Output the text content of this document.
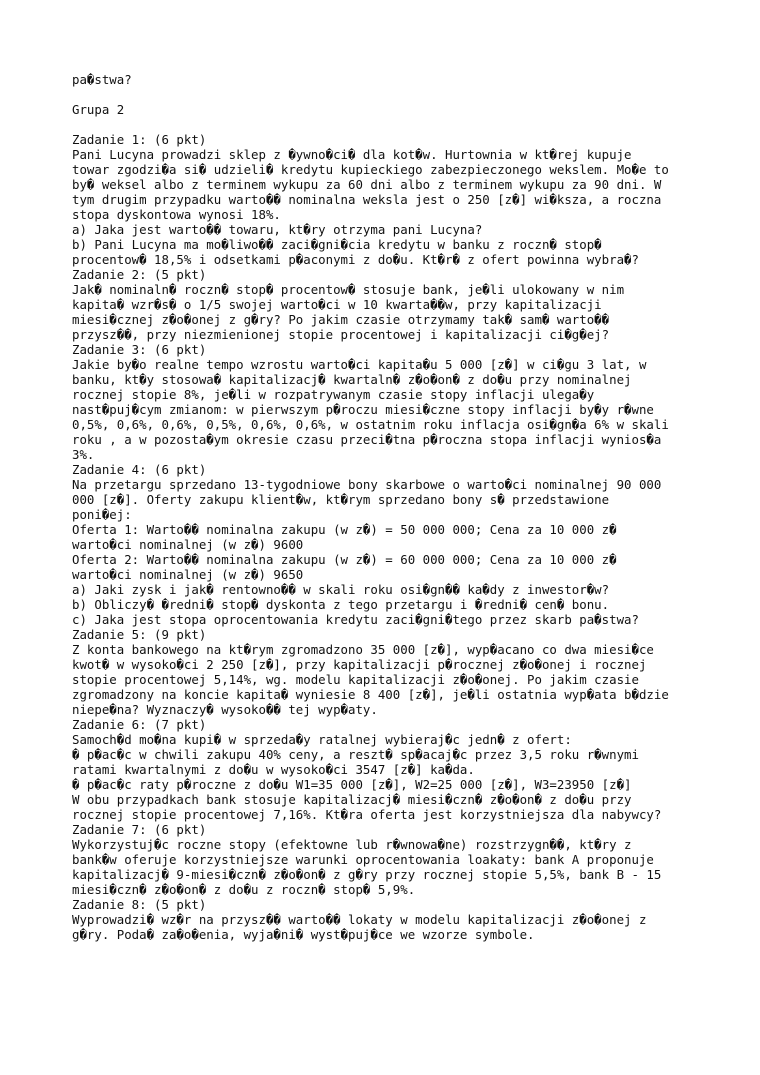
pa�stwa?
Grupa 2
Zadanie 1: (6 pkt)
Pani Lucyna prowadzi sklep z �ywno�ci� dla kot�w. Hurtownia w kt�rej kupuje
towar zgodzi�a si� udzieli� kredytu kupieckiego zabezpieczonego wekslem. Mo�e to
by� weksel albo z terminem wykupu za 60 dni albo z terminem wykupu za 90 dni. W
tym drugim przypadku warto�� nominalna weksla jest o 250 [z�] wi�ksza, a roczna
stopa dyskontowa wynosi 18%.
a) Jaka jest warto�� towaru, kt�ry otrzyma pani Lucyna?
b) Pani Lucyna ma mo�liwo�� zaci�gni�cia kredytu w banku z roczn� stop�
procentow� 18,5% i odsetkami p�aconymi z do�u. Kt�r� z ofert powinna wybra�?
Zadanie 2: (5 pkt)
Jak� nominaln� roczn� stop� procentow� stosuje bank, je�li ulokowany w nim
kapita� wzr�s� o 1/5 swojej warto�ci w 10 kwarta��w, przy kapitalizacji
miesi�cznej z�o�onej z g�ry? Po jakim czasie otrzymamy tak� sam� warto��
przysz��, przy niezmienionej stopie procentowej i kapitalizacji ci�g�ej?
Zadanie 3: (6 pkt)
Jakie by�o realne tempo wzrostu warto�ci kapita�u 5 000 [z�] w ci�gu 3 lat, w
banku, kt�y stosowa� kapitalizacj� kwartaln� z�o�on� z do�u przy nominalnej
rocznej stopie 8%, je�li w rozpatrywanym czasie stopy inflacji ulega�y
nast�puj�cym zmianom: w pierwszym p�roczu miesi�czne stopy inflacji by�y r�wne
0,5%, 0,6%, 0,6%, 0,5%, 0,6%, 0,6%, w ostatnim roku inflacja osi�gn�a 6% w skali
roku , a w pozosta�ym okresie czasu przeci�tna p�roczna stopa inflacji wynios�a
3%.
Zadanie 4: (6 pkt)
Na przetargu sprzedano 13-tygodniowe bony skarbowe o warto�ci nominalnej 90 000
000 [z�]. Oferty zakupu klient�w, kt�rym sprzedano bony s� przedstawione
poni�ej:
Oferta 1: Warto�� nominalna zakupu (w z�) = 50 000 000; Cena za 10 000 z�
warto�ci nominalnej (w z�) 9600
Oferta 2: Warto�� nominalna zakupu (w z�) = 60 000 000; Cena za 10 000 z�
warto�ci nominalnej (w z�) 9650
a) Jaki zysk i jak� rentowno�� w skali roku osi�gn�� ka�dy z inwestor�w?
b) Obliczy� �redni� stop� dyskonta z tego przetargu i �redni� cen� bonu.
c) Jaka jest stopa oprocentowania kredytu zaci�gni�tego przez skarb pa�stwa?
Zadanie 5: (9 pkt)
Z konta bankowego na kt�rym zgromadzono 35 000 [z�], wyp�acano co dwa miesi�ce
kwot� w wysoko�ci 2 250 [z�], przy kapitalizacji p�rocznej z�o�onej i rocznej
stopie procentowej 5,14%, wg. modelu kapitalizacji z�o�onej. Po jakim czasie
zgromadzony na koncie kapita� wyniesie 8 400 [z�], je�li ostatnia wyp�ata b�dzie
niepe�na? Wyznaczy� wysoko�� tej wyp�aty.
Zadanie 6: (7 pkt)
Samoch�d mo�na kupi� w sprzeda�y ratalnej wybieraj�c jedn� z ofert:
� p�ac�c w chwili zakupu 40% ceny, a reszt� sp�acaj�c przez 3,5 roku r�wnymi
ratami kwartalnymi z do�u w wysoko�ci 3547 [z�] ka�da.
� p�ac�c raty p�roczne z do�u W1=35 000 [z�], W2=25 000 [z�], W3=23950 [z�]
W obu przypadkach bank stosuje kapitalizacj� miesi�czn� z�o�on� z do�u przy
rocznej stopie procentowej 7,16%. Kt�ra oferta jest korzystniejsza dla nabywcy?
Zadanie 7: (6 pkt)
Wykorzystuj�c roczne stopy (efektowne lub r�wnowa�ne) rozstrzygn��, kt�ry z
bank�w oferuje korzystniejsze warunki oprocentowania loakaty: bank A proponuje
kapitalizacj� 9-miesi�czn� z�o�on� z g�ry przy rocznej stopie 5,5%, bank B - 15
miesi�czn� z�o�on� z do�u z roczn� stop� 5,9%.
Zadanie 8: (5 pkt)
Wyprowadzi� wz�r na przysz�� warto�� lokaty w modelu kapitalizacji z�o�onej z
g�ry. Poda� za�o�enia, wyja�ni� wyst�puj�ce we wzorze symbole.
